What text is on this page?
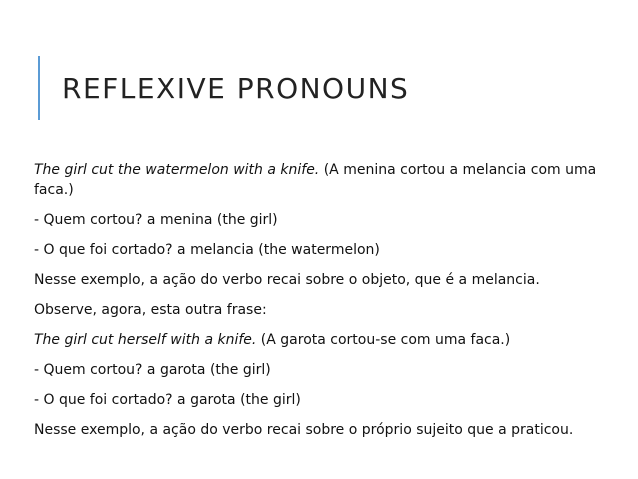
REFLEXIVE PRONOUNS

The girl cut the watermelon with a knife. (A menina cortou a melancia com uma faca.)

- Quem cortou? a menina (the girl)

- O que foi cortado? a melancia (the watermelon)

Nesse exemplo, a ação do verbo recai sobre o objeto, que é a melancia.

Observe, agora, esta outra frase:

The girl cut herself with a knife. (A garota cortou-se com uma faca.)

- Quem cortou? a garota (the girl)

- O que foi cortado? a garota (the girl)

Nesse exemplo, a ação do verbo recai sobre o próprio sujeito que a praticou.
